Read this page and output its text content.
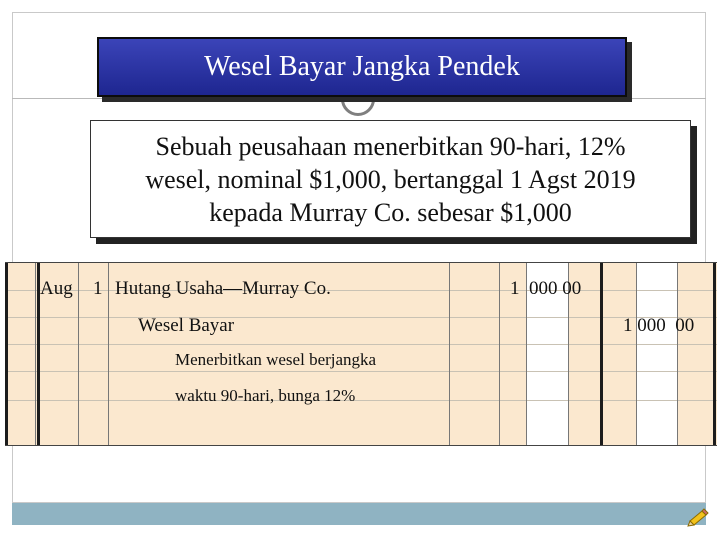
Wesel Bayar Jangka Pendek
Sebuah peusahaan menerbitkan 90-hari, 12%
wesel, nominal $1,000, bertanggal 1 Agst 2019
kepada Murray Co. sebesar $1,000
Aug 1 Hutang Usaha—Murray Co.	1  000 00
Wesel Bayar	1 000  00
Menerbitkan wesel berjangka
waktu 90-hari, bunga 12%
